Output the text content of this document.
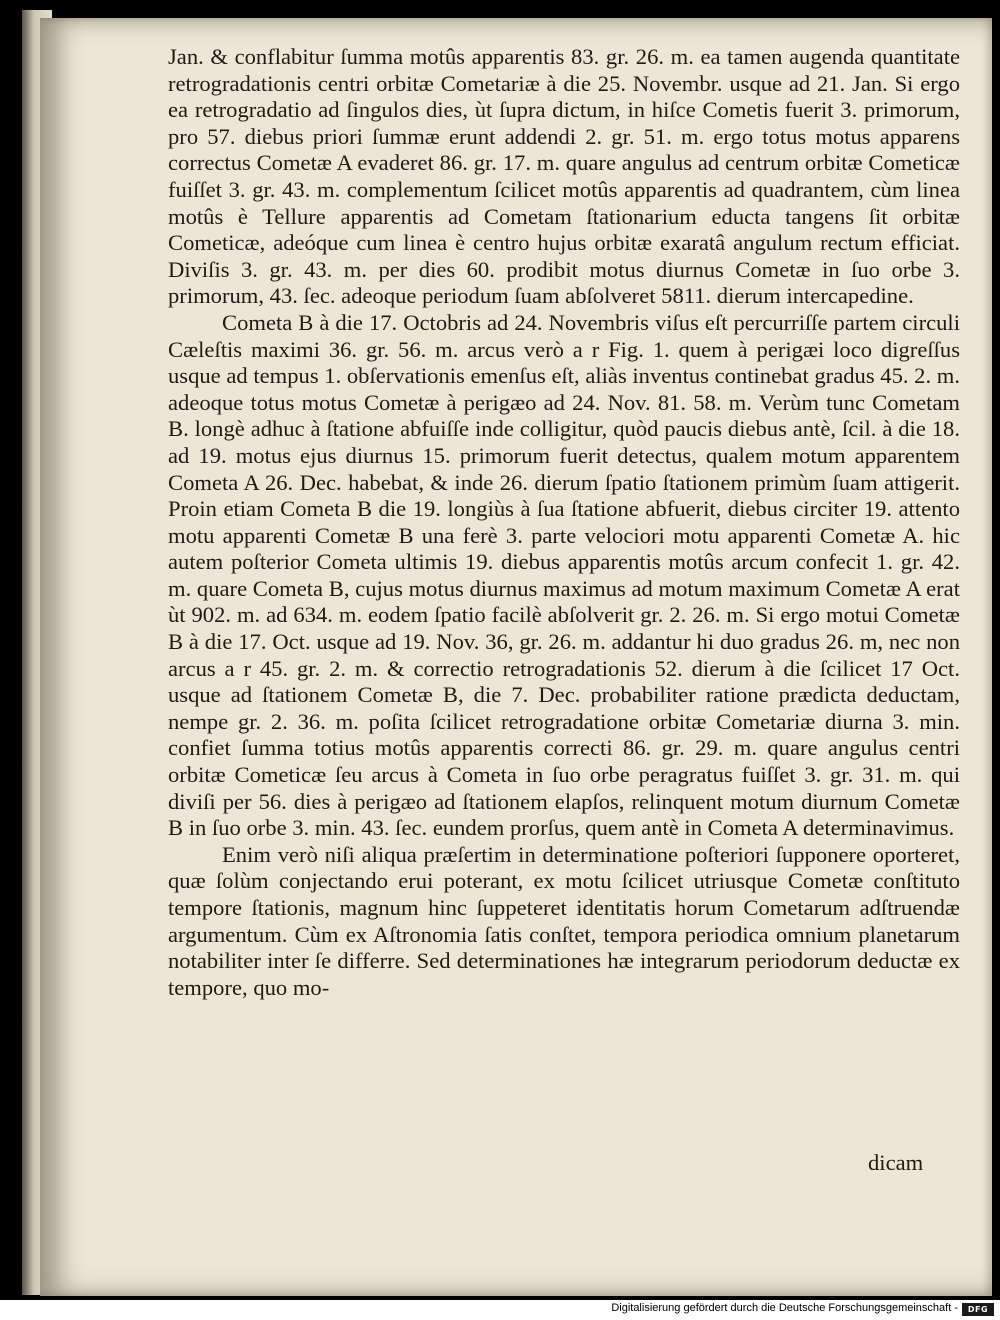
Jan. & conflabitur ſumma motûs apparentis 83. gr. 26. m. ea tamen augenda quantitate retrogradationis centri orbitæ Cometariæ à die 25. Novembr. usque ad 21. Jan. Si ergo ea retrogradatio ad ſingulos dies, ùt ſupra dictum, in hiſce Cometis fuerit 3. primorum, pro 57. diebus priori ſummæ erunt addendi 2. gr. 51. m. ergo totus motus apparens correctus Cometæ A evaderet 86. gr. 17. m. quare angulus ad centrum orbitæ Cometicæ fuiſſet 3. gr. 43. m. complementum ſcilicet motûs apparentis ad quadrantem, cùm linea motûs è Tellure apparentis ad Cometam ſtationarium educta tangens ſit orbitæ Cometicæ, adeóque cum linea è centro hujus orbitæ exaratâ angulum rectum efficiat. Diviſis 3. gr. 43. m. per dies 60. prodibit motus diurnus Cometæ in ſuo orbe 3. primorum, 43. ſec. adeoque periodum ſuam abſolveret 5811. dierum intercapedine.

Cometa B à die 17. Octobris ad 24. Novembris viſus eſt percurriſſe partem circuli Cæleſtis maximi 36. gr. 56. m. arcus verò a r Fig. 1. quem à perigæi loco digreſſus usque ad tempus 1. obſervationis emenſus eſt, aliàs inventus continebat gradus 45. 2. m. adeoque totus motus Cometæ à perigæo ad 24. Nov. 81. 58. m. Verùm tunc Cometam B. longè adhuc à ſtatione abfuiſſe inde colligitur, quòd paucis diebus antè, ſcil. à die 18. ad 19. motus ejus diurnus 15. primorum fuerit detectus, qualem motum apparentem Cometa A 26. Dec. habebat, & inde 26. dierum ſpatio ſtationem primùm ſuam attigerit. Proin etiam Cometa B die 19. longiùs à ſua ſtatione abfuerit, diebus circiter 19. attento motu apparenti Cometæ B una ferè 3. parte velociori motu apparenti Cometæ A. hic autem poſterior Cometa ultimis 19. diebus apparentis motûs arcum confecit 1. gr. 42. m. quare Cometa B, cujus motus diurnus maximus ad motum maximum Cometæ A erat ùt 902. m. ad 634. m. eodem ſpatio facilè abſolverit gr. 2. 26. m. Si ergo motui Cometæ B à die 17. Oct. usque ad 19. Nov. 36, gr. 26. m. addantur hi duo gradus 26. m, nec non arcus a r 45. gr. 2. m. & correctio retrogradationis 52. dierum à die ſcilicet 17 Oct. usque ad ſtationem Cometæ B, die 7. Dec. probabiliter ratione prædicta deductam, nempe gr. 2. 36. m. poſita ſcilicet retrogradatione orbitæ Cometariæ diurna 3. min. confiet ſumma totius motûs apparentis correcti 86. gr. 29. m. quare angulus centri orbitæ Cometicæ ſeu arcus à Cometa in ſuo orbe peragratus fuiſſet 3. gr. 31. m. qui diviſi per 56. dies à perigæo ad ſtationem elapſos, relinquent motum diurnum Cometæ B in ſuo orbe 3. min. 43. ſec. eundem prorſus, quem antè in Cometa A determinavimus.

Enim verò niſi aliqua præſertim in determinatione poſteriori ſupponere oporteret, quæ ſolùm conjectando erui poterant, ex motu ſcilicet utriusque Cometæ conſtituto tempore ſtationis, magnum hinc ſuppeteret identitatis horum Cometarum adſtruendæ argumentum. Cùm ex Aſtronomia ſatis conſtet, tempora periodica omnium planetarum notabiliter inter ſe differre. Sed determinationes hæ integrarum periodorum deductæ ex tempore, quo mo-

dicam
Digitalisierung gefördert durch die Deutsche Forschungsgemeinschaft -	DFG
